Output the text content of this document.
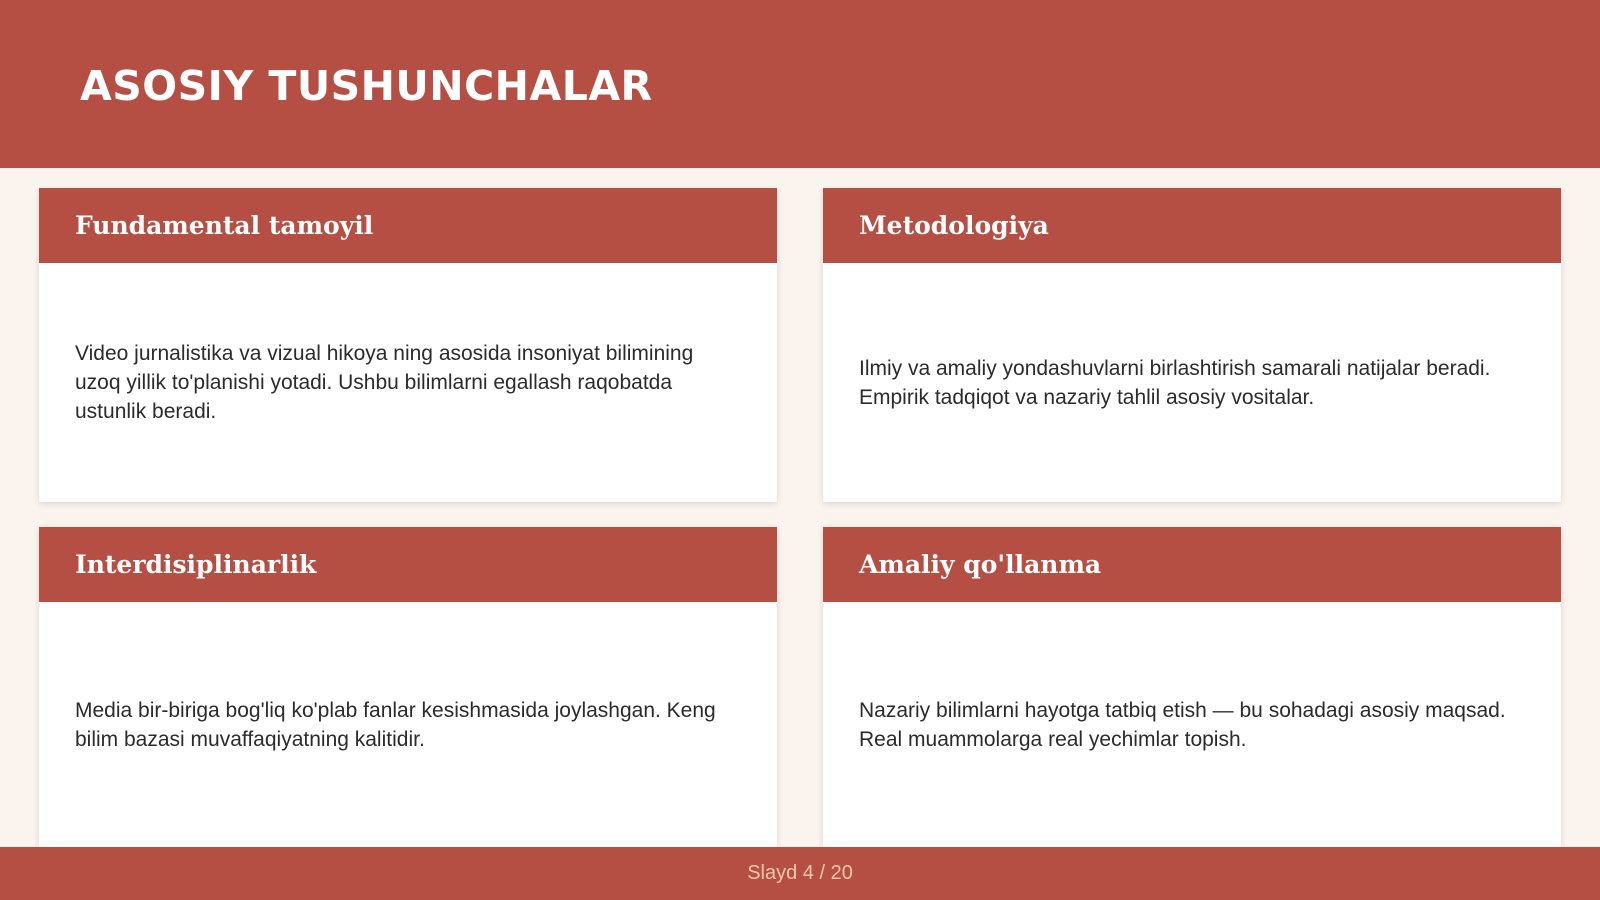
ASOSIY TUSHUNCHALAR
Fundamental tamoyil

Video jurnalistika va vizual hikoya ning asosida insoniyat bilimining uzoq yillik to'planishi yotadi. Ushbu bilimlarni egallash raqobatda ustunlik beradi.

Metodologiya

Ilmiy va amaliy yondashuvlarni birlashtirish samarali natijalar beradi. Empirik tadqiqot va nazariy tahlil asosiy vositalar.

Interdisiplinarlik

Media bir-biriga bog'liq ko'plab fanlar kesishmasida joylashgan. Keng bilim bazasi muvaffaqiyatning kalitidir.

Amaliy qo'llanma

Nazariy bilimlarni hayotga tatbiq etish — bu sohadagi asosiy maqsad. Real muammolarga real yechimlar topish.

Slayd 4 / 20
